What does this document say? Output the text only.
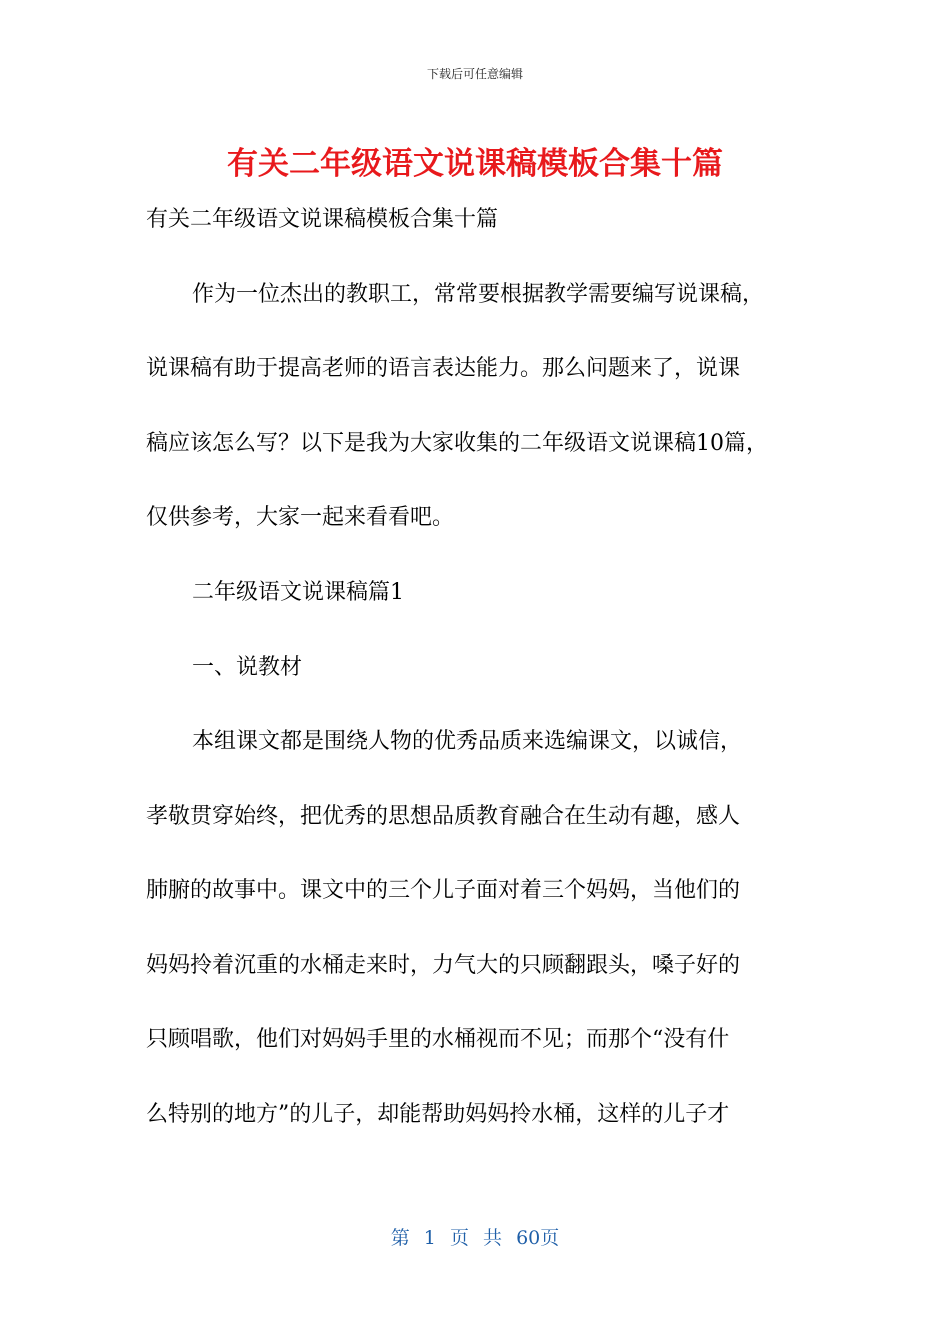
下载后可任意编辑
有关二年级语文说课稿模板合集十篇

有关二年级语文说课稿模板合集十篇

作为一位杰出的教职工，常常要根据教学需要编写说课稿，

说课稿有助于提高老师的语言表达能力。那么问题来了，说课

稿应该怎么写？以下是我为大家收集的二年级语文说课稿10篇，

仅供参考，大家一起来看看吧。

二年级语文说课稿篇1

一、说教材

本组课文都是围绕人物的优秀品质来选编课文，以诚信，

孝敬贯穿始终，把优秀的思想品质教育融合在生动有趣，感人

肺腑的故事中。课文中的三个儿子面对着三个妈妈，当他们的

妈妈拎着沉重的水桶走来时，力气大的只顾翻跟头，嗓子好的

只顾唱歌，他们对妈妈手里的水桶视而不见；而那个“没有什

么特别的地方”的儿子，却能帮助妈妈拎水桶，这样的儿子才

第 1 页 共 60页
